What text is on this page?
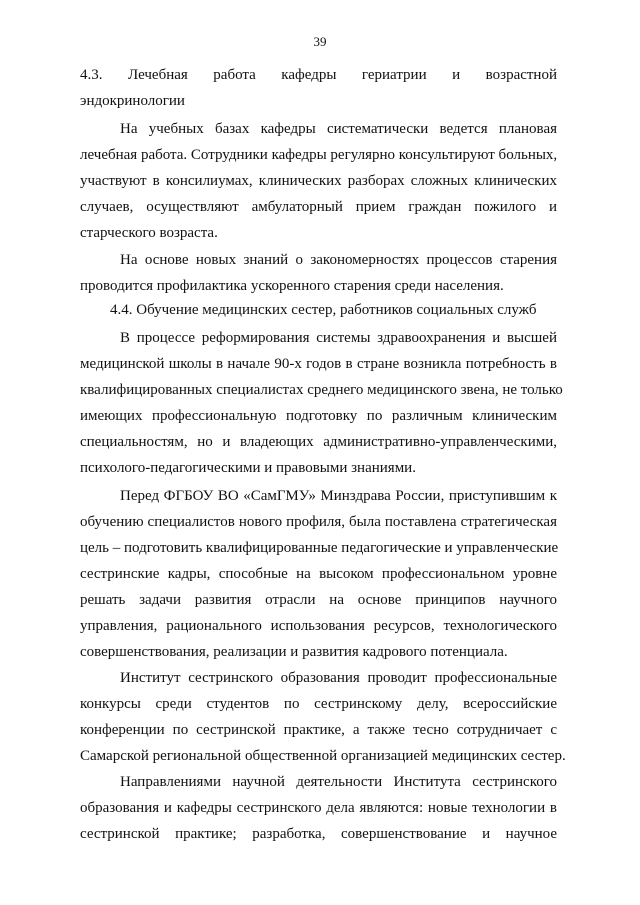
39
4.3. Лечебная работа кафедры гериатрии и возрастной
эндокринологии
На учебных базах кафедры систематически ведется плановая
лечебная работа. Сотрудники кафедры регулярно консультируют больных,
участвуют в консилиумах, клинических разборах сложных клинических
случаев, осуществляют амбулаторный прием граждан пожилого и
старческого возраста.
На основе новых знаний о закономерностях процессов старения
проводится профилактика ускоренного старения среди населения.
4.4. Обучение медицинских сестер, работников социальных служб
В процессе реформирования системы здравоохранения и высшей
медицинской школы в начале 90-х годов в стране возникла потребность в
квалифицированных специалистах среднего медицинского звена, не только
имеющих профессиональную подготовку по различным клиническим
специальностям, но и владеющих административно-управленческими,
психолого-педагогическими и правовыми знаниями.
Перед ФГБОУ ВО «СамГМУ» Минздрава России, приступившим к
обучению специалистов нового профиля, была поставлена стратегическая
цель – подготовить квалифицированные педагогические и управленческие
сестринские кадры, способные на высоком профессиональном уровне
решать задачи развития отрасли на основе принципов научного
управления, рационального использования ресурсов, технологического
совершенствования, реализации и развития кадрового потенциала.
Институт сестринского образования проводит профессиональные
конкурсы среди студентов по сестринскому делу, всероссийские
конференции по сестринской практике, а также тесно сотрудничает с
Самарской региональной общественной организацией медицинских сестер.
Направлениями научной деятельности Института сестринского
образования и кафедры сестринского дела являются: новые технологии в
сестринской практике; разработка, совершенствование и научное
